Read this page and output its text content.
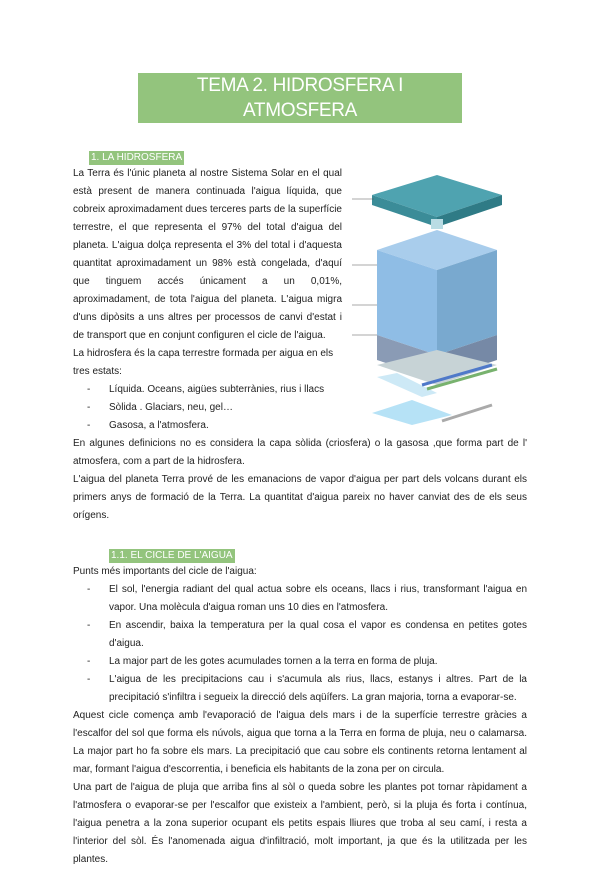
TEMA 2. HIDROSFERA I ATMOSFERA
1. LA HIDROSFERA

La Terra és l'únic planeta al nostre Sistema Solar en el qual està present de manera continuada l'aigua líquida, que cobreix aproximadament dues terceres parts de la superfície terrestre, el que representa el 97% del total d'aigua del planeta. L'aigua dolça representa el 3% del total i d'aquesta quantitat aproximadament un 98% està congelada, d'aquí que tinguem accés únicament a un 0,01%, aproximadament, de tota l'aigua del planeta. L'aigua migra d'uns dipòsits a uns altres per processos de canvi d'estat i de transport que en conjunt configuren el cicle de l'aigua.

La hidrosfera és la capa terrestre formada per aigua en els tres estats:

- Líquida. Oceans, aigües subterrànies, rius i llacs
- Sòlida . Glaciars, neu, gel…
- Gasosa, a l'atmosfera.

En algunes definicions no es considera la capa sòlida (criosfera) o la gasosa ,que forma part de l' atmosfera, com a part de la hidrosfera.

L'aigua del planeta Terra prové de les emanacions de vapor d'aigua per part dels volcans durant els primers anys de formació de la Terra. La quantitat d'aigua pareix no haver canviat des de els seus orígens.
1.1. EL CICLE DE L'AIGUA

Punts més importants del cicle de l'aigua:

- El sol, l'energia radiant del qual actua sobre els oceans, llacs i rius, transformant l'aigua en vapor. Una molècula d'aigua roman uns 10 dies en l'atmosfera.
- En ascendir, baixa la temperatura per la qual cosa el vapor es condensa en petites gotes d'aigua.
- La major part de les gotes acumulades tornen a la terra en forma de pluja.
- L'aigua de les precipitacions cau i s'acumula als rius, llacs, estanys i altres. Part de la precipitació s'infiltra i segueix la direcció dels aqüífers. La gran majoria, torna a evaporar-se.

Aquest cicle comença amb l'evaporació de l'aigua dels mars i de la superfície terrestre gràcies a l'escalfor del sol que forma els núvols, aigua que torna a la Terra en forma de pluja, neu o calamarsa. La major part ho fa sobre els mars. La precipitació que cau sobre els continents retorna lentament al mar, formant l'aigua d'escorrentia, i beneficia els habitants de la zona per on circula.

Una part de l'aigua de pluja que arriba fins al sòl o queda sobre les plantes pot tornar ràpidament a l'atmosfera o evaporar-se per l'escalfor que existeix a l'ambient, però, si la pluja és forta i contínua, l'aigua penetra a la zona superior ocupant els petits espais lliures que troba al seu camí, i resta a l'interior del sòl. És l'anomenada aigua d'infiltració, molt important, ja que és la utilitzada per les plantes.
